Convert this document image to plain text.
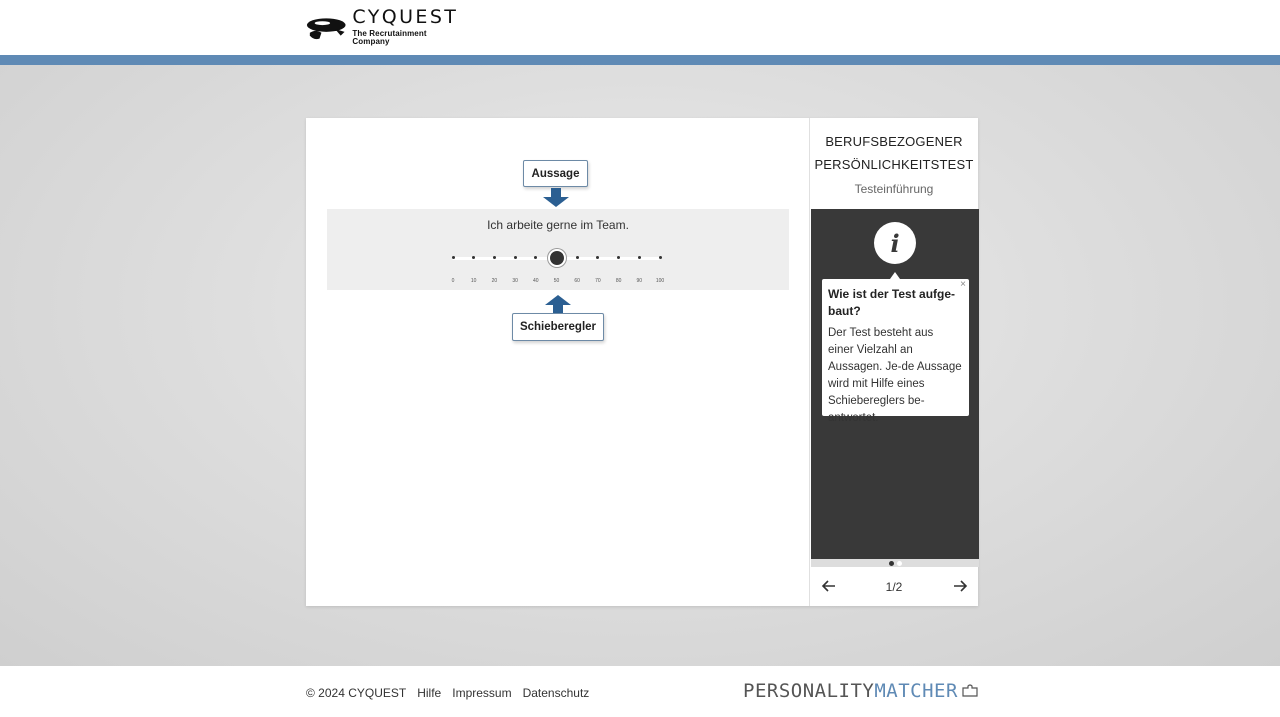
CYQUEST
The Recrutainment Company
Aussage
Ich arbeite gerne im Team.
0	10	20	30	40	50	60	70	80	90	100
Schieberegler
BERUFSBEZOGENER
PERSÖNLICHKEITSTEST
Testeinführung
i
×
Wie ist der Test aufge-baut?
Der Test besteht aus einer Vielzahl an Aussagen. Je-de Aussage wird mit Hilfe eines Schiebereglers be-antwortet.
1/2
© 2024 CYQUEST Hilfe Impressum Datenschutz	PERSONALITY MATCHER
